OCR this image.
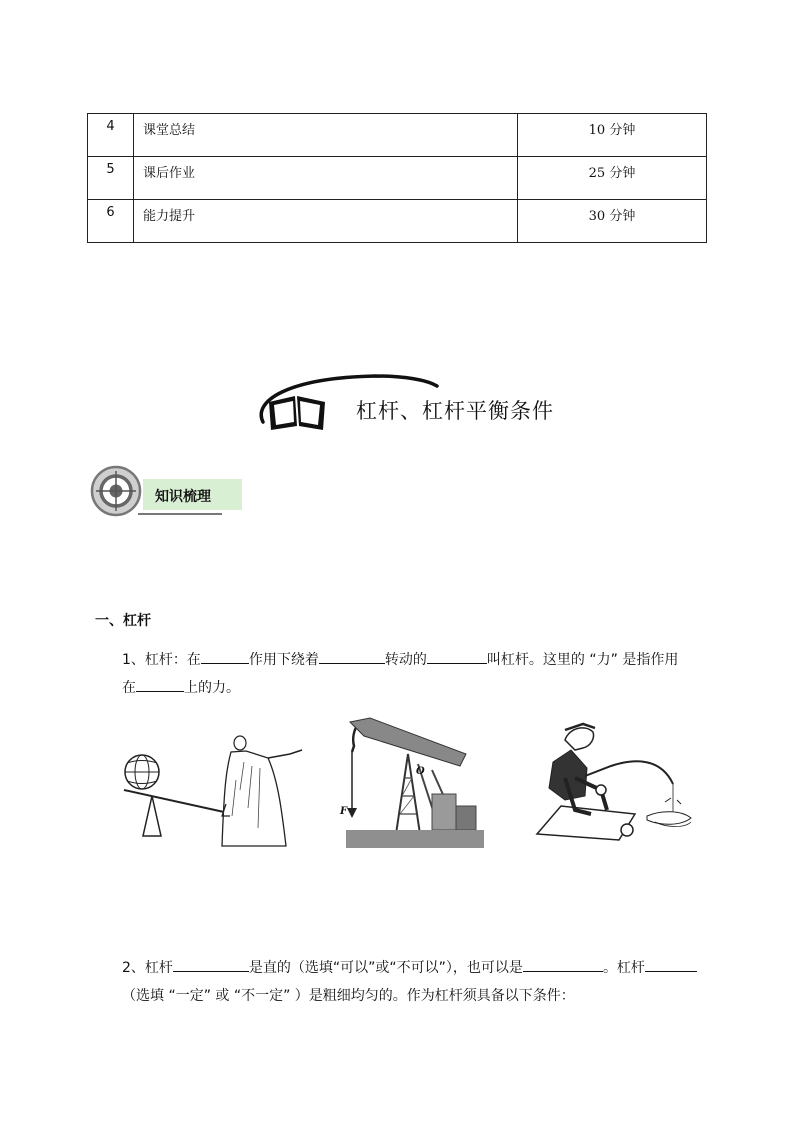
4	课堂总结	10 分钟
5	课后作业	25 分钟
6	能力提升	30 分钟
杠杆、杠杆平衡条件
知识梳理
一、杠杆
1、杠杆：在	作用下绕着	转动的	叫杠杆。这里的 “力” 是指作用
在	上的力。
O
F
2、杠杆	是直的（选填“可以”或“不可以”），也可以是	。杠杆
（选填 “一定” 或 “不一定” ）是粗细均匀的。作为杠杆须具备以下条件：
